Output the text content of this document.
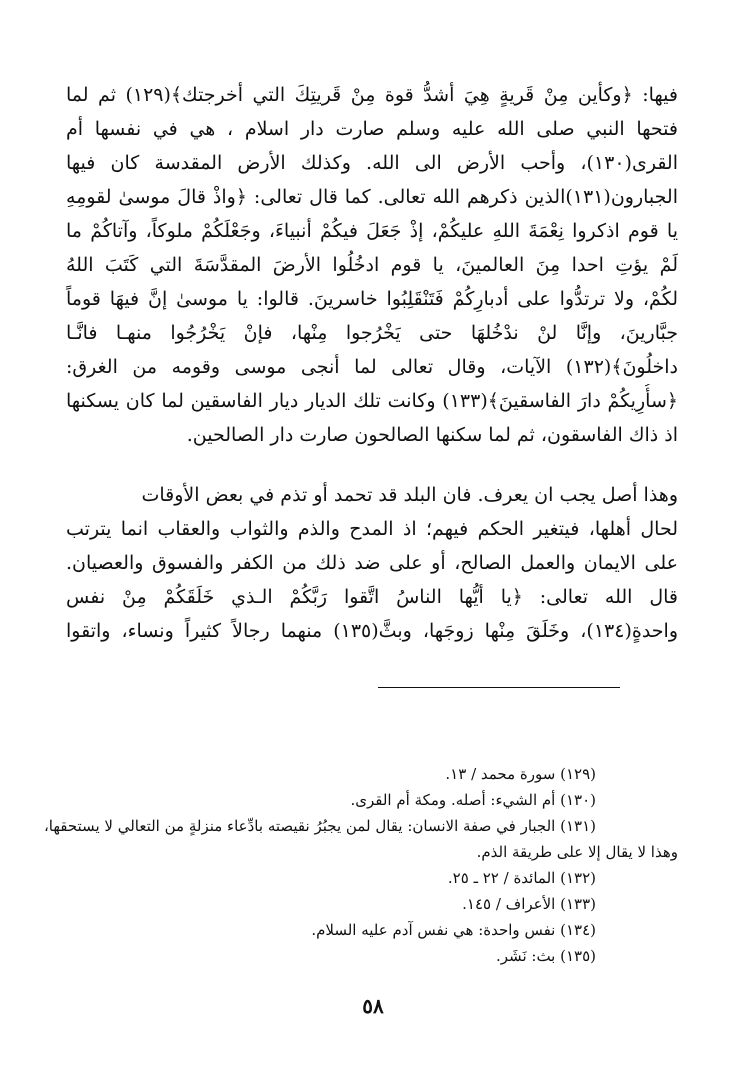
فيها: ﴿وكأين مِنْ قَريةٍ هِيَ أشدُّ قوة مِنْ قَريتِكَ التي أخرجتك﴾(١٢٩) ثم لما
فتحها النبي صلى الله عليه وسلم صارت دار اسلام ، هي في نفسها أم
القرى(١٣٠)، وأحب الأرض الى الله. وكذلك الأرض المقدسة كان فيها
الجبارون(١٣١)الذين ذكرهم الله تعالى. كما قال تعالى: ﴿واذْ قالَ موسىٰ لقومِهِ
يا قوم اذكروا نِعْمَةَ اللهِ عليكُمْ، إذْ جَعَلَ فيكُمْ أنبياءَ، وجَعْلَكُمْ ملوكاً، وآتاكُمْ ما
لَمْ يؤتِ احدا مِنَ العالمينَ، يا قوم ادخُلُوا الأرضَ المقدَّسَةَ التي كَتَبَ اللهُ
لكُمْ، ولا ترتدُّوا على أدبارِكُمْ فَتَنْقَلِبُوا خاسرينَ. قالوا: يا موسىٰ إنَّ فيهَا قوماً
جبَّارينَ، وإنَّا لنْ ندْخُلهَا حتى يَخْرُجوا مِنْها، فإنْ يَخْرُجُوا منهـا فانَّـا
داخلُونَ﴾(١٣٢) الآيات، وقال تعالى لما أنجى موسى وقومه من الغرق:
﴿سأُرِيكُمْ دارَ الفاسقينَ﴾(١٣٣) وكانت تلك الديار ديار الفاسقين لما كان يسكنها
اذ ذاك الفاسقون، ثم لما سكنها الصالحون صارت دار الصالحين.
وهذا أصل يجب ان يعرف. فان البلد قد تحمد أو تذم في بعض الأوقات
لحال أهلها، فيتغير الحكم فيهم؛ اذ المدح والذم والثواب والعقاب انما يترتب
على الايمان والعمل الصالح، أو على ضد ذلك من الكفر والفسوق والعصيان.
قال الله تعالى: ﴿يا أيُّها الناسُ اتَّقوا رَبَّكُمْ الـذي خَلَقَكُمْ مِنْ نفس
واحدةٍ(١٣٤)، وخَلَقَ مِنْها زوجَها، وبثَّ(١٣٥) منهما رجالاً كثيراً ونساء، واتقوا
(١٢٩) سورة محمد / ١٣.
(١٣٠) أم الشيء: أصله. ومكة أم القرى.
(١٣١) الجبار في صفة الانسان: يقال لمن يجبُرُ نقيصته بادِّعاء منزلةٍ من التعالي لا يستحقها،
وهذا لا يقال إلا على طريقة الذم.
(١٣٢) المائدة / ٢٢ ـ ٢٥.
(١٣٣) الأعراف / ١٤٥.
(١٣٤) نفس واحدة: هي نفس آدم عليه السلام.
(١٣٥) بث: نَشَر.
٥٨
